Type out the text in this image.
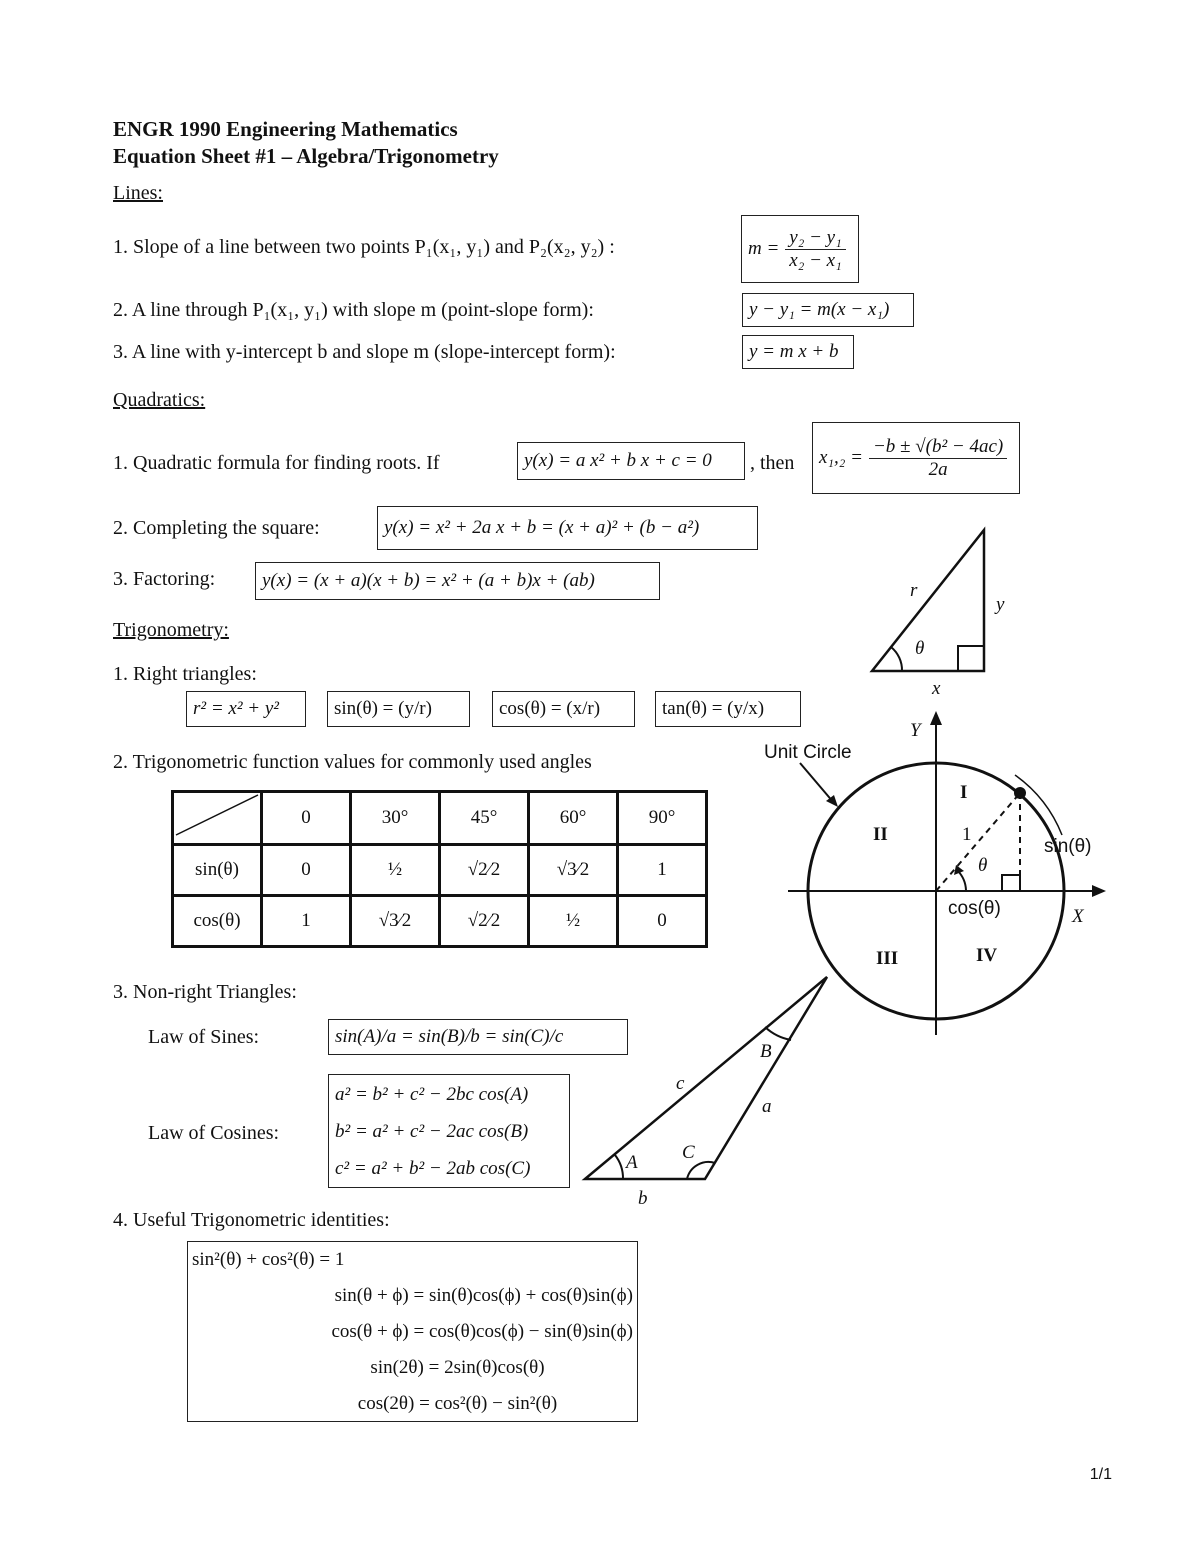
ENGR 1990 Engineering Mathematics
Equation Sheet #1 – Algebra/Trigonometry
Lines:
1. Slope of a line between two points P₁(x₁, y₁) and P₂(x₂, y₂) :	$m = \frac{\text{y₂ − y₁}}{\text{x₂ − x₁}}$
2. A line through P₁(x₁, y₁) with slope m (point-slope form):	y − y₁ = m(x − x₁)
3. A line with y-intercept b and slope m (slope-intercept form):	y = m x + b
Quadratics:
1. Quadratic formula for finding roots. If	y(x) = a x² + b x + c = 0	, then $x_1,_2 = \frac{\text{−b ± √(b² − 4ac)}}{2a}$
2. Completing the square:	y(x) = x² + 2a x + b = (x + a)² + (b − a²)
3. Factoring:	y(x) = (x + a)(x + b) = x² + (a + b)x + (ab)
Trigonometry:
1. Right triangles:
r² = x² + y²	sin(θ) = (y/r)	cos(θ) = (x/r)	tan(θ) = (y/x)
2. Trigonometric function values for commonly used angles
	0	30°	45°	60°	90°
sin(θ)	0	½	√2⁄2	√3⁄2	1
cos(θ)	1	√3⁄2	√2⁄2	½	0
3. Non-right Triangles:
Law of Sines:	sin(A)/a = sin(B)/b = sin(C)/c
Law of Cosines:
a² = b² + c² − 2bc cos(A)
b² = a² + c² − 2ac cos(B)
c² = a² + b² − 2ab cos(C)
4. Useful Trigonometric identities:
sin²(θ) + cos²(θ) = 1
sin(θ + ϕ) = sin(θ)cos(ϕ) + cos(θ)sin(ϕ)
cos(θ + ϕ) = cos(θ)cos(ϕ) − sin(θ)sin(ϕ)
sin(2θ) = 2sin(θ)cos(θ)
cos(2θ) = cos²(θ) − sin²(θ)
r
y
x
θ
Unit Circle
Y
X
I
II
III	IV
1
θ
sin(θ)
cos(θ)
A
B
C
a
b
c
1/1
